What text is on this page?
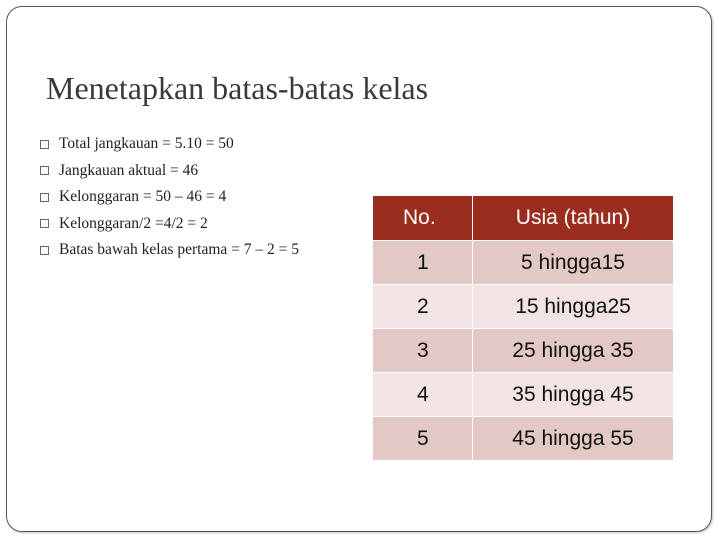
Menetapkan batas-batas kelas
Total jangkauan = 5.10 = 50
Jangkauan aktual = 46
Kelonggaran = 50 – 46 = 4
Kelonggaran/2 =4/2 = 2
Batas bawah kelas pertama = 7 – 2 = 5
No.	Usia (tahun)
1	5 hingga15
2	15 hingga25
3	25 hingga 35
4	35 hingga 45
5	45 hingga 55
